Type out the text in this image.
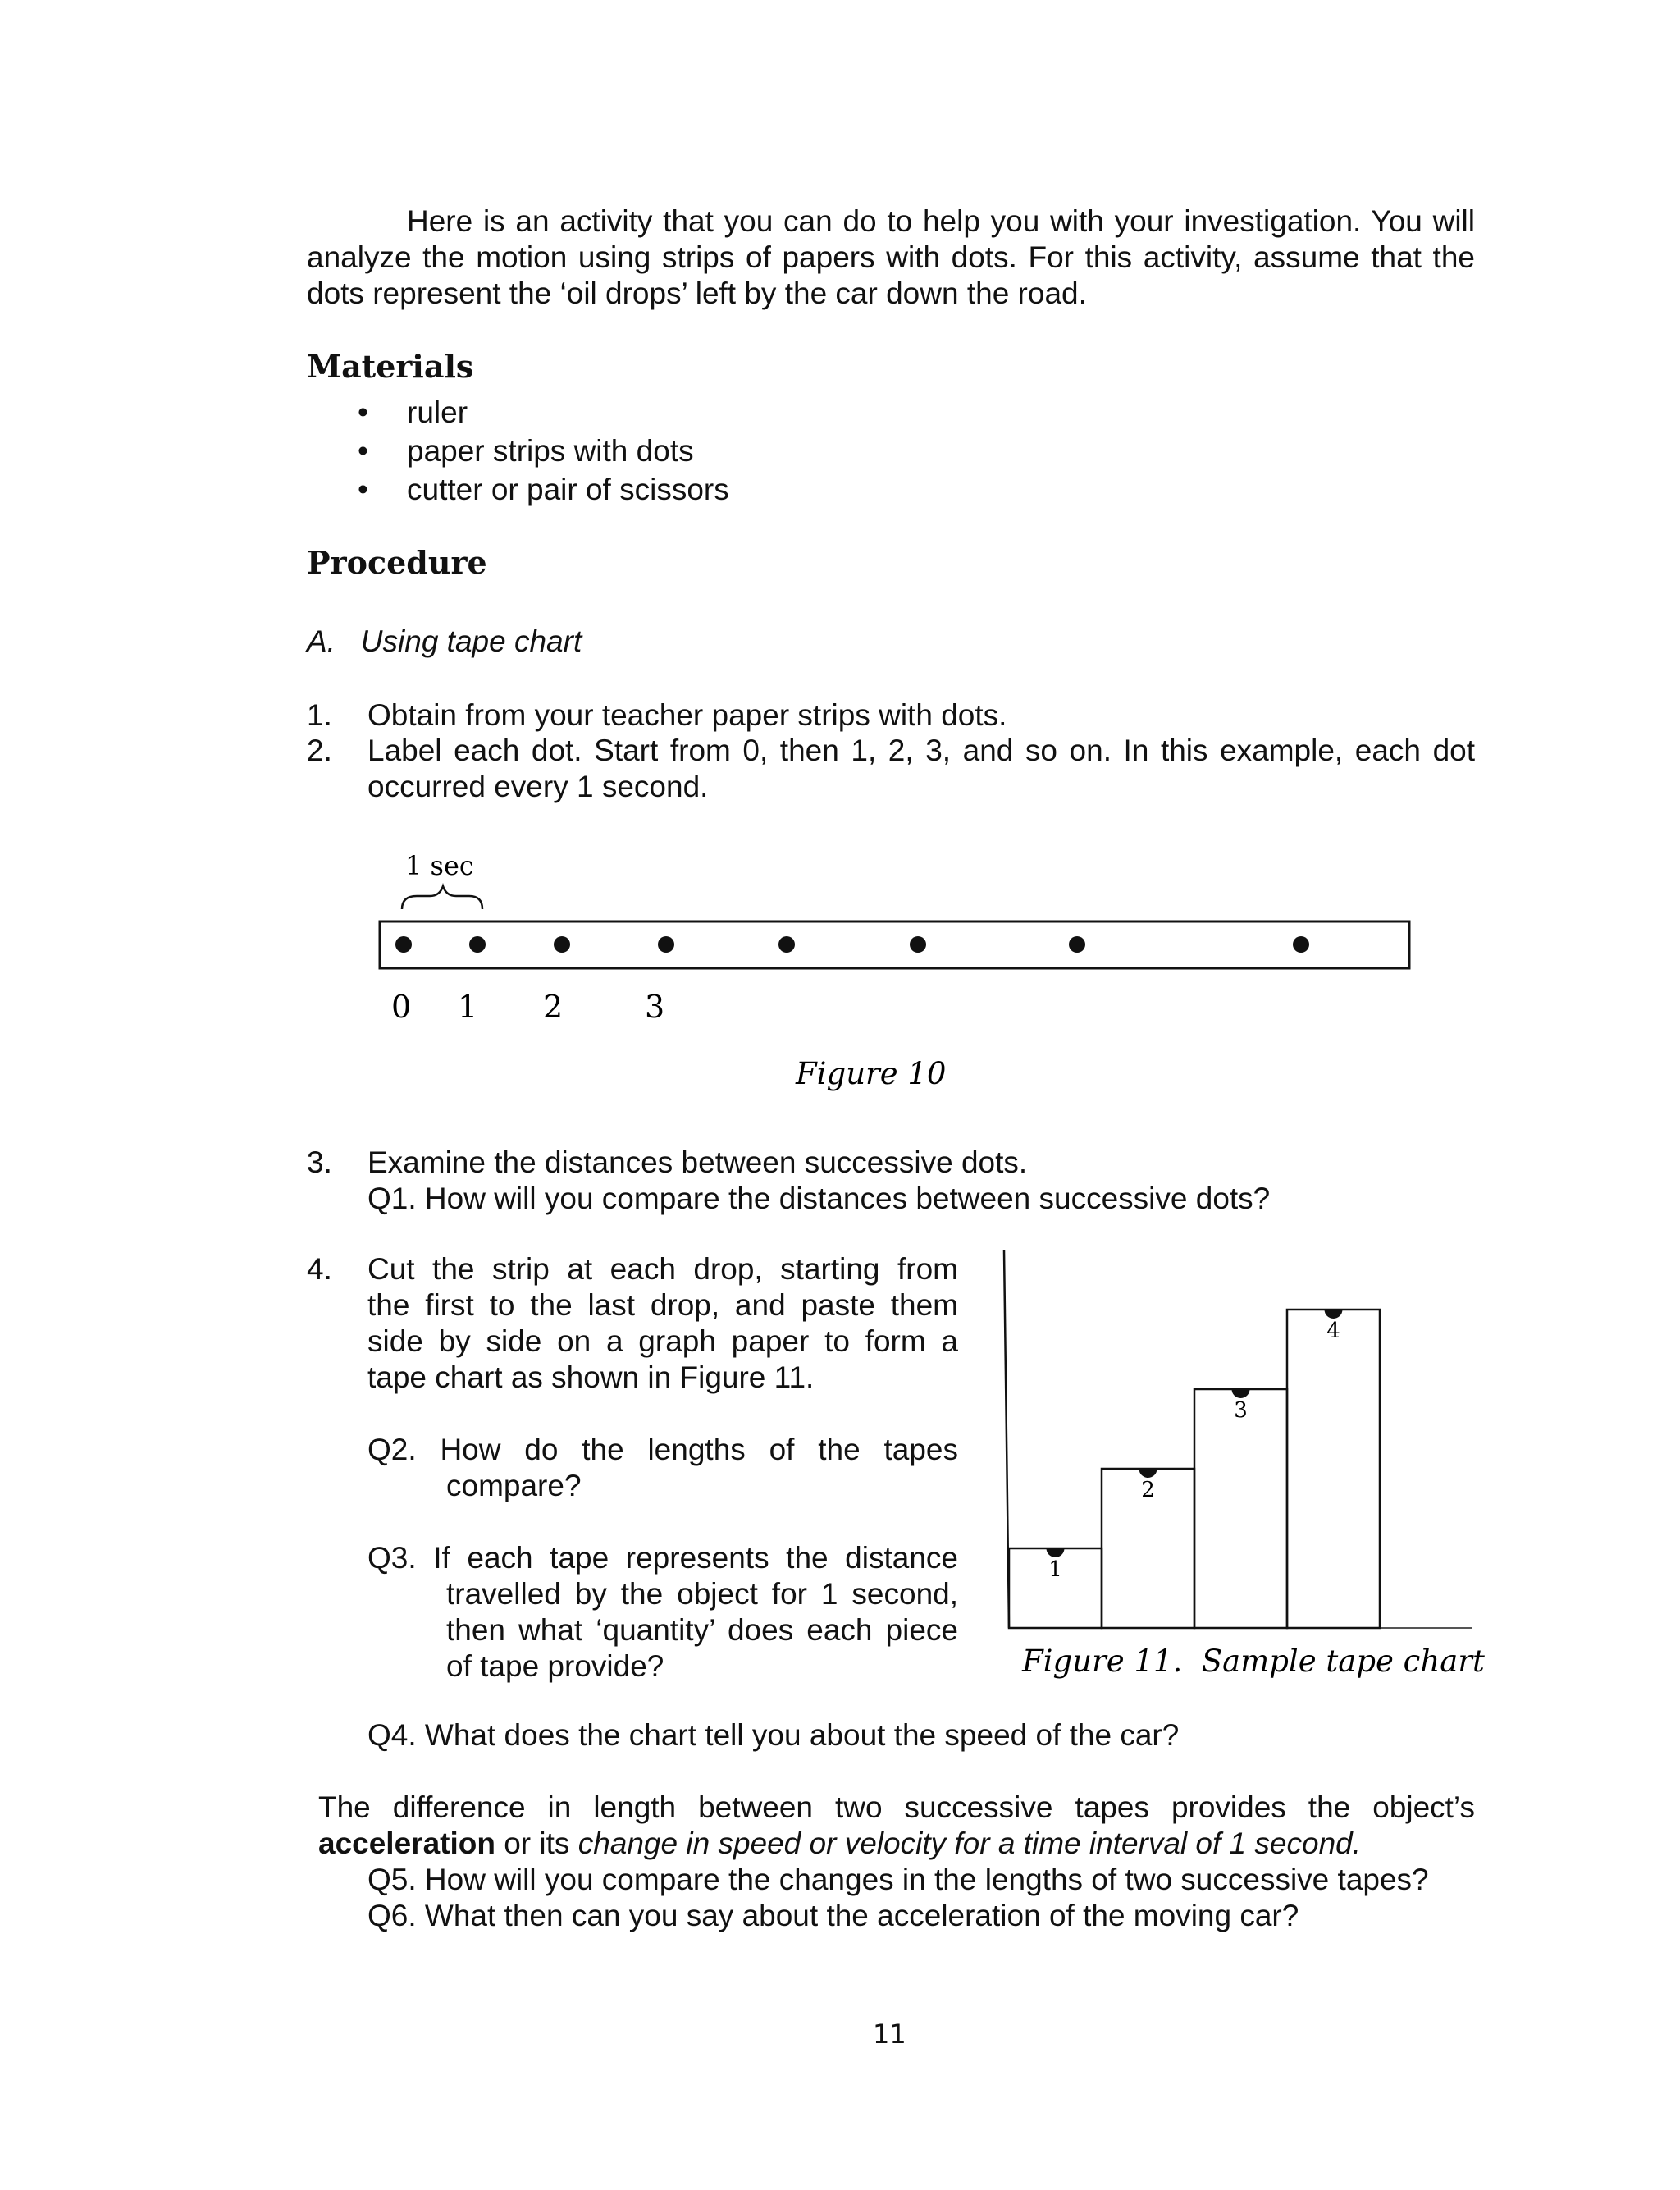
Here is an activity that you can do to help you with your investigation. You will
analyze the motion using strips of papers with dots. For this activity, assume that the
dots represent the ‘oil drops’ left by the car down the road.
Materials
• ruler
• paper strips with dots
• cutter or pair of scissors
Procedure
A.   Using tape chart
1. Obtain from your teacher paper strips with dots.
2. Label each dot. Start from 0, then 1, 2, 3, and so on. In this example, each dot
occurred every 1 second.
1 sec
0 1 2	3
Figure 10
3. Examine the distances between successive dots.
Q1. How will you compare the distances between successive dots?
4. Cut the strip at each drop, starting from
the first to the last drop, and paste them
side by side on a graph paper to form a
tape chart as shown in Figure 11.
Q2. How do the lengths of the tapes
compare?
Q3. If each tape represents the distance
travelled by the object for 1 second,
then what ‘quantity’ does each piece
of tape provide?
1
2
3
4
Figure 11.  Sample tape chart
Q4. What does the chart tell you about the speed of the car?
The difference in length between two successive tapes provides the object’s
acceleration or its change in speed or velocity for a time interval of 1 second.
Q5. How will you compare the changes in the lengths of two successive tapes?
Q6. What then can you say about the acceleration of the moving car?
11
